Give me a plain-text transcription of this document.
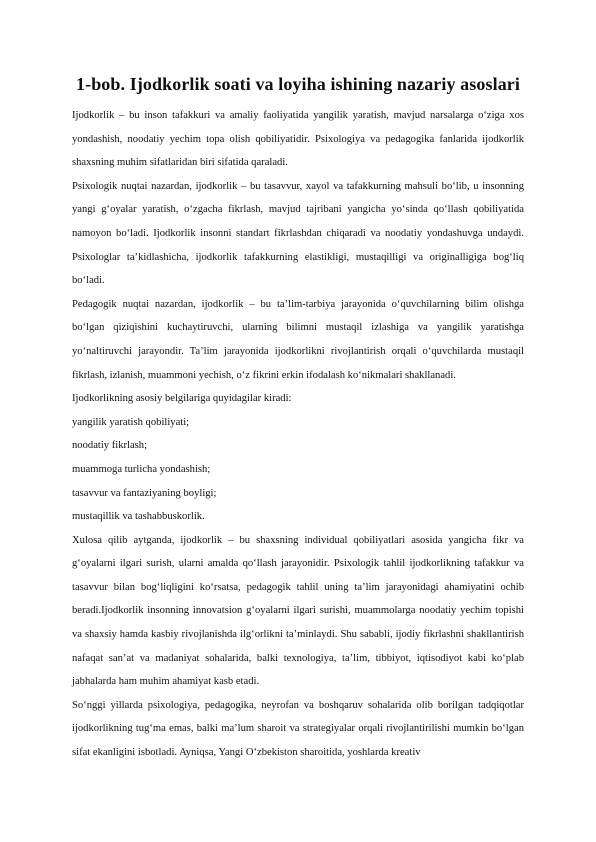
1-bob. Ijodkorlik soati va loyiha ishining nazariy asoslari

Ijodkorlik – bu inson tafakkuri va amaliy faoliyatida yangilik yaratish, mavjud narsalarga oʻziga xos yondashish, noodatiy yechim topa olish qobiliyatidir. Psixologiya va pedagogika fanlarida ijodkorlik shaxsning muhim sifatlaridan biri sifatida qaraladi.

Psixologik nuqtai nazardan, ijodkorlik – bu tasavvur, xayol va tafakkurning mahsuli boʻlib, u insonning yangi gʻoyalar yaratish, oʻzgacha fikrlash, mavjud tajribani yangicha yoʻsinda qoʻllash qobiliyatida namoyon boʻladi. Ijodkorlik insonni standart fikrlashdan chiqaradi va noodatiy yondashuvga undaydi. Psixologlar taʼkidlashicha, ijodkorlik tafakkurning elastikligi, mustaqilligi va originalligiga bogʻliq boʻladi.

Pedagogik nuqtai nazardan, ijodkorlik – bu taʼlim-tarbiya jarayonida oʻquvchilarning bilim olishga boʻlgan qiziqishini kuchaytiruvchi, ularning bilimni mustaqil izlashiga va yangilik yaratishga yoʻnaltiruvchi jarayondir. Taʼlim jarayonida ijodkorlikni rivojlantirish orqali oʻquvchilarda mustaqil fikrlash, izlanish, muammoni yechish, oʻz fikrini erkin ifodalash koʻnikmalari shakllanadi.

Ijodkorlikning asosiy belgilariga quyidagilar kiradi:

yangilik yaratish qobiliyati;

noodatiy fikrlash;

muammoga turlicha yondashish;

tasavvur va fantaziyaning boyligi;

mustaqillik va tashabbuskorlik.

Xulosa qilib aytganda, ijodkorlik – bu shaxsning individual qobiliyatlari asosida yangicha fikr va gʻoyalarni ilgari surish, ularni amalda qoʻllash jarayonidir. Psixologik tahlil ijodkorlikning tafakkur va tasavvur bilan bogʻliqligini koʻrsatsa, pedagogik tahlil uning taʼlim jarayonidagi ahamiyatini ochib beradi.Ijodkorlik insonning innovatsion gʻoyalarni ilgari surishi, muammolarga noodatiy yechim topishi va shaxsiy hamda kasbiy rivojlanishda ilgʻorlikni taʼminlaydi. Shu sababli, ijodiy fikrlashni shakllantirish nafaqat sanʼat va madaniyat sohalarida, balki texnologiya, taʼlim, tibbiyot, iqtisodiyot kabi koʻplab jabhalarda ham muhim ahamiyat kasb etadi.

Soʻnggi yillarda psixologiya, pedagogika, neyrofan va boshqaruv sohalarida olib borilgan tadqiqotlar ijodkorlikning tugʻma emas, balki maʼlum sharoit va strategiyalar orqali rivojlantirilishi mumkin boʻlgan sifat ekanligini isbotladi. Ayniqsa, Yangi Oʻzbekiston sharoitida, yoshlarda kreativ
